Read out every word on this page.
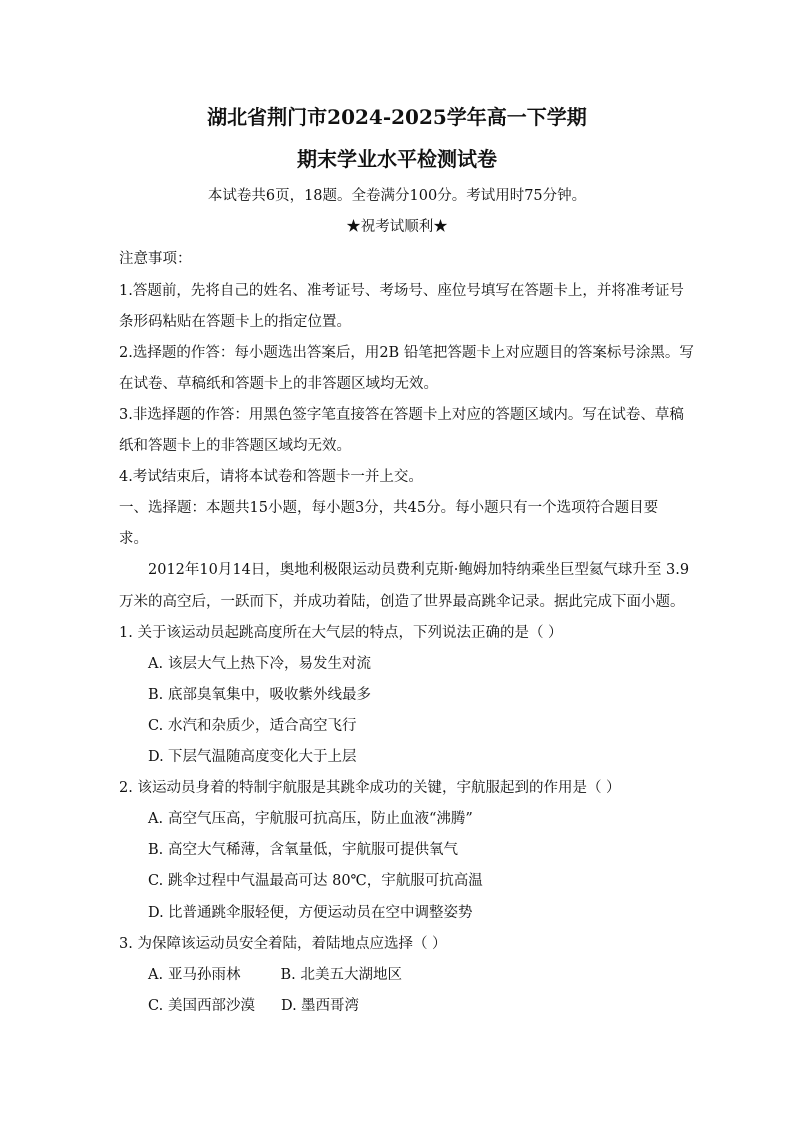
湖北省荆门市2024-2025学年高一下学期
期末学业水平检测试卷
本试卷共6页，18题。全卷满分100分。考试用时75分钟。
★祝考试顺利★
注意事项：
1.答题前，先将自己的姓名、准考证号、考场号、座位号填写在答题卡上，并将准考证号
条形码粘贴在答题卡上的指定位置。
2.选择题的作答：每小题选出答案后，用2B 铅笔把答题卡上对应题目的答案标号涂黑。写
在试卷、草稿纸和答题卡上的非答题区域均无效。
3.非选择题的作答：用黑色签字笔直接答在答题卡上对应的答题区域内。写在试卷、草稿
纸和答题卡上的非答题区域均无效。
4.考试结束后，请将本试卷和答题卡一并上交。
一、选择题：本题共15小题，每小题3分，共45分。每小题只有一个选项符合题目要
求。
2012年10月14日，奥地利极限运动员费利克斯·鲍姆加特纳乘坐巨型氦气球升至 3.9
万米的高空后，一跃而下，并成功着陆，创造了世界最高跳伞记录。据此完成下面小题。
1. 关于该运动员起跳高度所在大气层的特点，下列说法正确的是（ ）
A. 该层大气上热下冷，易发生对流
B. 底部臭氧集中，吸收紫外线最多
C. 水汽和杂质少，适合高空飞行
D. 下层气温随高度变化大于上层
2. 该运动员身着的特制宇航服是其跳伞成功的关键，宇航服起到的作用是（ ）
A. 高空气压高，宇航服可抗高压，防止血液“沸腾”
B. 高空大气稀薄，含氧量低，宇航服可提供氧气
C. 跳伞过程中气温最高可达 80℃，宇航服可抗高温
D. 比普通跳伞服轻便，方便运动员在空中调整姿势
3. 为保障该运动员安全着陆，着陆地点应选择（ ）
A. 亚马孙雨林	B. 北美五大湖地区
C. 美国西部沙漠 D. 墨西哥湾
